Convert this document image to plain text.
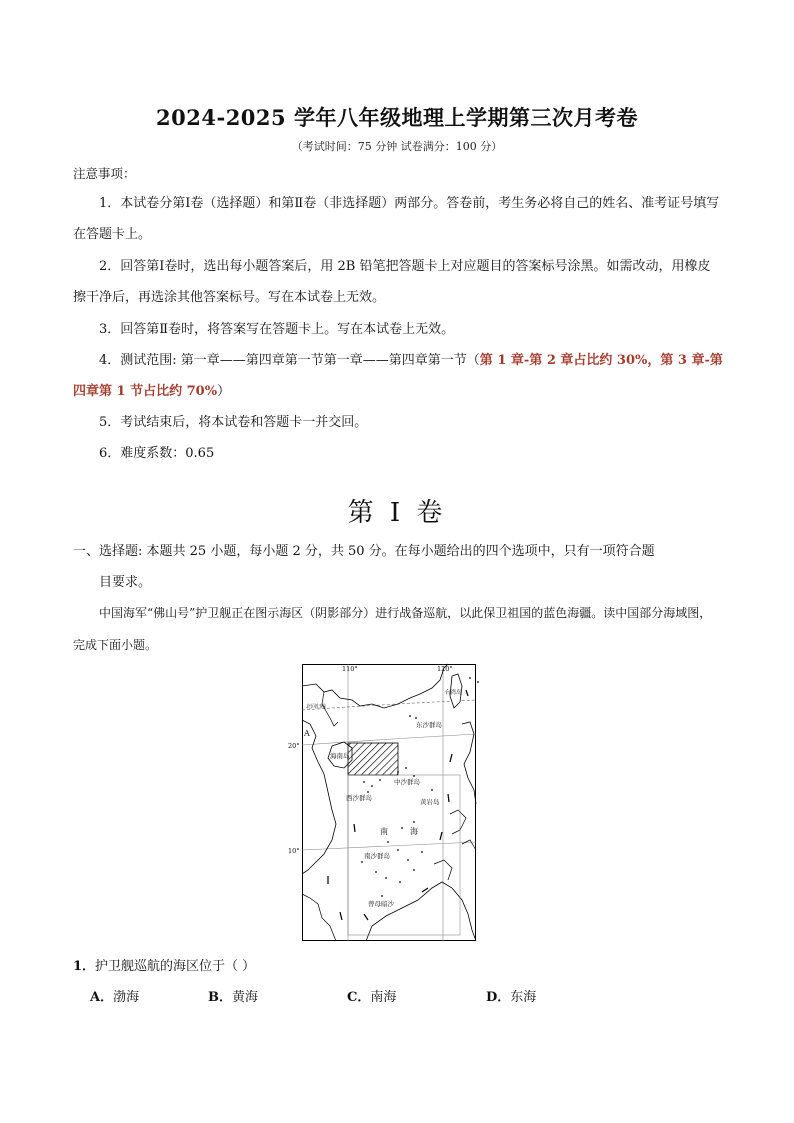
2024-2025 学年八年级地理上学期第三次月考卷
（考试时间：75 分钟 试卷满分：100 分）
注意事项：
1．本试卷分第Ⅰ卷（选择题）和第Ⅱ卷（非选择题）两部分。答卷前，考生务必将自己的姓名、准考证号填写在答题卡上。
2．回答第Ⅰ卷时，选出每小题答案后，用 2B 铅笔把答题卡上对应题目的答案标号涂黑。如需改动，用橡皮擦干净后，再选涂其他答案标号。写在本试卷上无效。
3．回答第Ⅱ卷时，将答案写在答题卡上。写在本试卷上无效。
4．测试范围: 第一章——第四章第一节第一章——第四章第一节（第 1 章-第 2 章占比约 30%，第 3 章-第四章第 1 节占比约 70%）
5．考试结束后，将本试卷和答题卡一并交回。
6．难度系数：0.65
第 I 卷
一、选择题: 本题共 25 小题，每小题 2 分，共 50 分。在每小题给出的四个选项中，只有一项符合题
目要求。
中国海军“佛山号”护卫舰正在图示海区（阴影部分）进行战备巡航，以此保卫祖国的蓝色海疆。读中国部分海域图，完成下面小题。
110°	120°
20°
10°
北回归线
A
台湾岛
东沙群岛
海南岛
中沙群岛
西沙群岛	黄岩岛
南	海
南沙群岛
曾母暗沙
1．护卫舰巡航的海区位于（ ）
A．渤海	B．黄海	C．南海	D．东海
